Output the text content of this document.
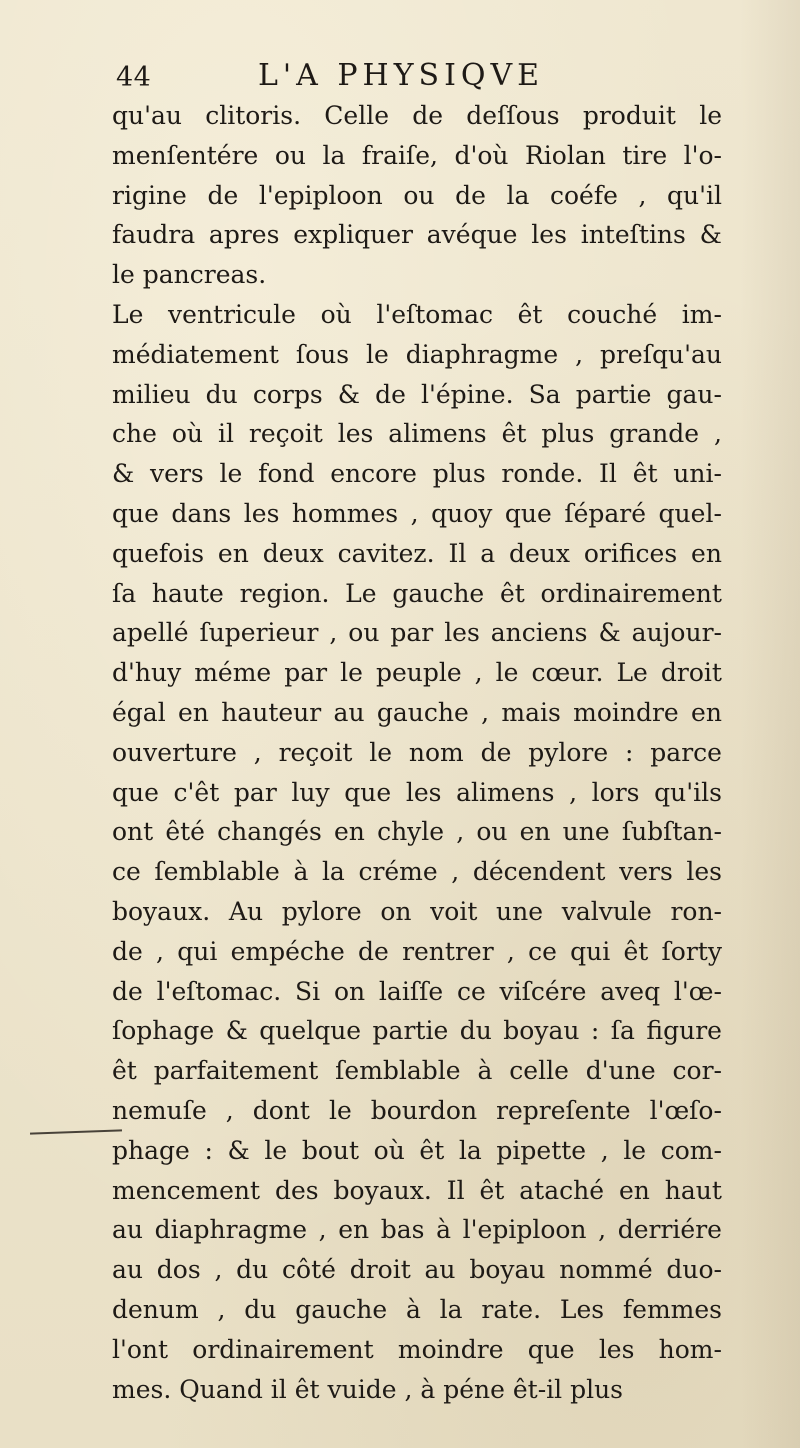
44	L'A PHYSIQVE
qu'au clitoris. Celle de deſſous produit le
menſentére ou la fraiſe, d'où Riolan tire l'o-
rigine de l'epiploon ou de la coéfe , qu'il
faudra apres expliquer avéque les inteſtins &
le pancreas.
Le ventricule où l'eſtomac êt couché im-
médiatement ſous le diaphragme , preſqu'au
milieu du corps & de l'épine. Sa partie gau-
che où il reçoit les alimens êt plus grande ,
& vers le fond encore plus ronde. Il êt uni-
que dans les hommes , quoy que ſéparé quel-
quefois en deux cavitez. Il a deux orifices en
ſa haute region. Le gauche êt ordinairement
apellé ſuperieur , ou par les anciens & aujour-
d'huy méme par le peuple , le cœur. Le droit
égal en hauteur au gauche , mais moindre en
ouverture , reçoit le nom de pylore : parce
que c'êt par luy que les alimens , lors qu'ils
ont êté changés en chyle , ou en une ſubſtan-
ce ſemblable à la créme , décendent vers les
boyaux. Au pylore on voit une valvule ron-
de , qui empéche de rentrer , ce qui êt ſorty
de l'eſtomac. Si on laiſſe ce viſcére aveq l'œ-
ſophage & quelque partie du boyau : ſa figure
êt parfaitement ſemblable à celle d'une cor-
nemuſe , dont le bourdon repreſente l'œſo-
phage : & le bout où êt la pipette , le com-
mencement des boyaux. Il êt ataché en haut
au diaphragme , en bas à l'epiploon , derriére
au dos , du côté droit au boyau nommé duo-
denum , du gauche à la rate. Les femmes
l'ont ordinairement moindre que les hom-
mes. Quand il êt vuide , à péne êt-il plus
